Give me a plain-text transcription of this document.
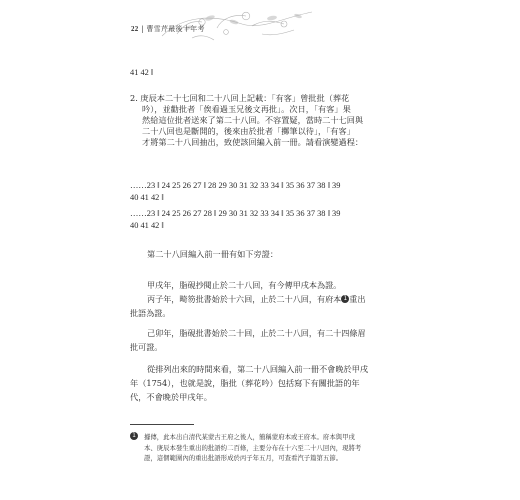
22 | 曹雪芹最後十年考
41 42 ‖
2. 庚辰本二十七回和二十八回上記載：「有客」曾批批（葬花
吟），並勸批者「俟看過玉兄後文再批」。次日，「有客」果
然給這位批者送來了第二十八回。不容置疑，當時二十七回與
二十八回也是斷開的，後來由於批者「擲筆以待」，「有客」
才將第二十八回抽出，致使該回編入前一冊。請看演變過程：
……23 ‖ 24 25 26 27 ‖ 28 29 30 31 32 33 34 ‖ 35 36 37 38 ‖ 39
40 41 42 ‖
……23 ‖ 24 25 26 27 28 ‖ 29 30 31 32 33 34 ‖ 35 36 37 38 ‖ 39
40 41 42 ‖
第二十八回編入前一冊有如下旁證：
甲戌年，脂硯抄閱止於二十八回，有今傳甲戌本為證。
丙子年，畸笏批書始於十六回，止於二十八回，有府本 1 重出
批語為證。
己卯年，脂硯批書始於二十回，止於二十八回，有二十四條眉
批可證。
從排列出來的時間來看，第二十八回編入前一冊不會晚於甲戌
年（1754），也就是說，脂批（葬花吟）包括寫下有關批語的年
代，不會晚於甲戌年。
1 據傳，此本出自清代某蒙古王府之後人，簡稱蒙府本或王府本。府本與甲戌
本、庚辰本發生重出的批語約二百條，主要分布在十六至二十八回內，現將考
證，這個範圍內的重出批語形成於丙子年五月，可查看汽子篇第五節。
